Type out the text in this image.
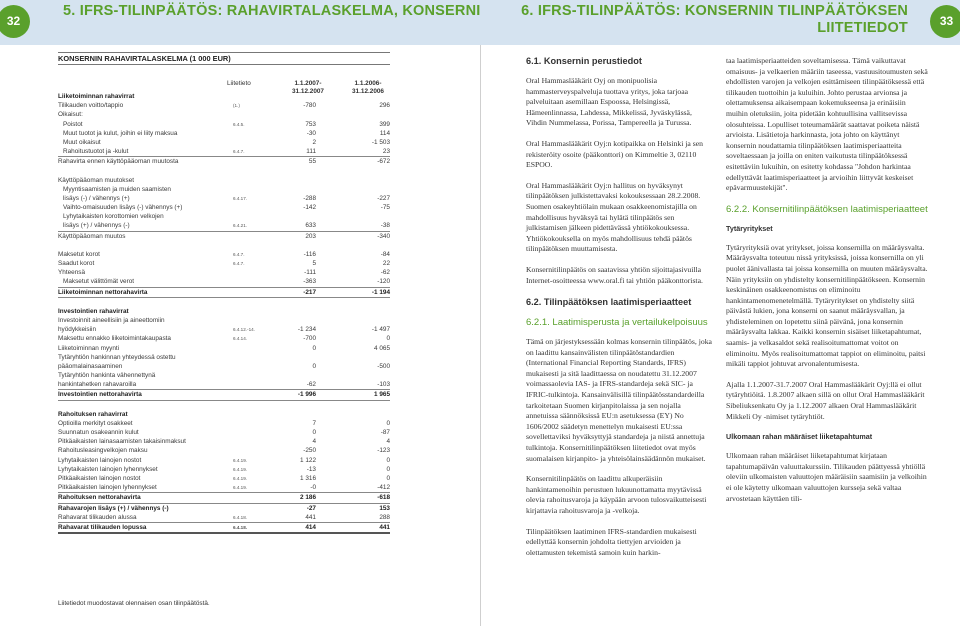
32
5. IFRS-TILINPÄÄTÖS: RAHAVIRTALASKELMA, KONSERNI	6. IFRS-TILINPÄÄTÖS: KONSERNIN TILINPÄÄTÖKSEN
LIITETIEDOT	33
KONSERNIN RAHAVIRTALASKELMA (1 000 EUR)
Liitetieto	1.1.2007-
31.12.2007
1.1.2006-
31.12.2006
Liiketoiminnan rahavirrat
Tilikauden voitto/tappio	(1.)	-780	296
Oikaisut:
Poistot	6.4.5.	753	399
Muut tuotot ja kulut, joihin ei liity maksua	-30	114
Muut oikaisut	2	-1 503
Rahoitustuotot ja -kulut	6.4.7.	111	23
Rahavirta ennen käyttöpääoman muutosta	55	-672
Käyttöpääoman muutokset
Myyntisaamisten ja muiden saamisten
lisäys (-) / vähennys (+)	6.4.17.	-288	-227
Vaihto-omaisuuden lisäys (-) vähennys (+)	-142	-75
Lyhytaikaisten korottomien velkojen
lisäys (+) / vähennys (-)	6.4.21.	633	-38
Käyttöpääoman muutos	203	-340
Maksetut korot	6.4.7.	-116	-84
Saadut korot	6.4.7.	5	22
Yhteensä	-111	-62
Maksetut välittömät verot	-363	-120
Liiketoiminnan nettorahavirta	-217	-1 194
Investointien rahavirrat
Investoinnit aineellisiin ja aineettomiin
hyödykkeisiin	6.4.12.-14.	-1 234	-1 497
Maksettu ennakko liiketoimintakaupasta	6.4.14.	-700	0
Liiketoiminnan myynti	0	4 065
Tytäryhtiön hankinnan yhteydessä ostettu
pääomalainasaaminen	0	-500
Tytäryhtiön hankinta vähennettynä
hankintahetken rahavaroilla	-62	-103
Investointien nettorahavirta	-1 996	1 965
Rahoituksen rahavirrat
Optioilla merkityt osakkeet	7	0
Suunnatun osakeannin kulut	0	-87
Pitkäaikaisten lainasaamisten takaisinmaksut	4	4
Rahoitusleasingvelkojen maksu	-250	-123
Lyhytaikaisten lainojen nostot	6.4.19.	1 122	0
Lyhytaikaisten lainojen lyhennykset	6.4.19.	-13	0
Pitkäaikaisten lainojen nostot	6.4.19.	1 316	0
Pitkäaikaisten lainojen lyhennykset	6.4.19.	-0	-412
Rahoituksen nettorahavirta	2 186	-618
Rahavarojen lisäys (+) / vähennys (-)	-27	153
Rahavarat tilikauden alussa	6.4.18.	441	288
Rahavarat tilikauden lopussa	6.4.18.	414	441
Liitetiedot muodostavat olennaisen osan tilinpäätöstä.
6.1. Konsernin perustiedot

Oral Hammaslääkärit Oyj on monipuolisia hammasterveyspalveluja tuottava yritys, joka tarjoaa palveluitaan asemillaan Espoossa, Helsingissä, Hämeenlinnassa, Lahdessa, Mikkelissä, Jyväskylässä, Vihdin Nummelassa, Porissa, Tampereella ja Turussa.

Oral Hammaslääkärit Oyj:n kotipaikka on Helsinki ja sen rekisteröity osoite (pääkonttori) on Kimmeltie 3, 02110 ESPOO.

Oral Hammaslääkärit Oyj:n hallitus on hyväksynyt tilinpäätöksen julkistettavaksi kokouksessaan 28.2.2008. Suomen osakeyhtiölain mukaan osakkeenomistajilla on mahdollisuus hyväksyä tai hylätä tilinpäätös sen julkistamisen jälkeen pidettävässä yhtiökokouksessa. Yhtiökokouksella on myös mahdollisuus tehdä päätös tilinpäätöksen muuttamisesta.

Konsernitilinpäätös on saatavissa yhtiön sijoittajasivuilla Internet-osoitteessa www.oral.fi tai yhtiön pääkonttorista.

6.2. Tilinpäätöksen laatimisperiaatteet
6.2.1. Laatimisperusta ja vertailukelpoisuus

Tämä on järjestyksessään kolmas konsernin tilinpäätös, joka on laadittu kansainvälisten tilinpäätöstandardien (International Financial Reporting Standards, IFRS) mukaisesti ja sitä laadittaessa on noudatettu 31.12.2007 voimassaolevia IAS- ja IFRS-standardeja sekä SIC- ja IFRIC-tulkintoja. Kansainvälisillä tilinpäätösstandardeilla tarkoitetaan Suomen kirjanpitolaissa ja sen nojalla annetuissa säännöksissä EU:n asetuksessa (EY) No 1606/2002 säädetyn menettelyn mukaisesti EU:ssa sovellettaviksi hyväksyttyjä standardeja ja niistä annettuja tulkintoja. Konsernitilinpäätöksen liitetiedot ovat myös suomalaisen kirjanpito- ja yhteisölainsäädännön mukaiset.

Konsernitilinpäätös on laadittu alkuperäisiin hankintamenoihin perustuen lukuunottamatta myytävissä olevia rahoitusvaroja ja käypään arvoon tulosvaikutteisesti kirjattavia rahoitusvaroja ja -velkoja.

Tilinpäätöksen laatiminen IFRS-standardien mukaisesti edellyttää konsernin johdolta tiettyjen arvioiden ja olettamusten tekemistä samoin kuin harkin-

taa laatimisperiaatteiden soveltamisessa. Tämä vaikuttavat omaisuus- ja velkaerien määriin taseessa, vastuusitoumusten sekä ehdollisten varojen ja velkojen esittämiseen tilinpäätöksessä että tilikauden tuottoihin ja kuluihin. Johto perustaa arvionsa ja olettamuksensa aikaisempaan kokemukseensa ja erinäisiin muihin oletuksiin, joita pidetään kohtuullisina vallitsevissa olosuhteissa. Lopulliset toteumamäärät saattavat poiketa näistä arvioista. Lisätietoja harkinnasta, jota johto on käyttänyt konsernin noudattamia tilinpäätöksen laatimisperiaatteita soveltaessaan ja joilla on eniten vaikutusta tilinpäätöksessä esitettäviin lukuihin, on esitetty kohdassa "Johdon harkintaa edellyttävät laatimisperiaatteet ja arvioihin liittyvät keskeiset epävarmuustekijät".

6.2.2. Konsernitilinpäätöksen laatimisperiaatteet
Tytäryritykset

Tytäryrityksiä ovat yritykset, joissa konsernilla on määräysvalta. Määräysvalta toteutuu nissä yrityksissä, joissa konsernilla on yli puolet äänivallasta tai joissa konsernilla on muuten määräysvalta. Näin yrityksiin on yhdistelty konsernitilinpäätökseen. Konsernin keskinäinen osakkeenomistus on eliminoitu hankintamenomenetelmällä. Tytäryritykset on yhdistelty siitä päivästä lukien, jona konserni on saanut määräysvallan, ja yhdisteleminen on lopetettu siinä päivänä, jona konsernin määräysvalta lakkaa. Kaikki konsernin sisäiset liiketapahtumat, saamis- ja velkasaldot sekä realisoitumattomat voitot on eliminoitu. Myös realisoitumattomat tappiot on eliminoitu, paitsi mikäli tappiot johtuvat arvonalentumisesta.

Ajalla 1.1.2007-31.7.2007 Oral Hammaslääkärit Oyj:llä ei ollut tytäryhtiöitä. 1.8.2007 alkaen sillä on ollut Oral Hammaslääkärit Sibeliuksenkatu Oy ja 1.12.2007 alkaen Oral Hammaslääkärit Mikkeli Oy -nimiset tytäryhtiöt.

Ulkomaan rahan määräiset liiketapahtumat

Ulkomaan rahan määräiset liiketapahtumat kirjataan tapahtumapäivän valuuttakurssiin. Tilikauden päättyessä yhtiöllä oleviin ulkomaisten valuuttojen määräisiin saamisiin ja velkoihin ei ole käytetty ulkomaan valuuttojen kursseja sekä valtaa arvostetaan käyttäen tili-
